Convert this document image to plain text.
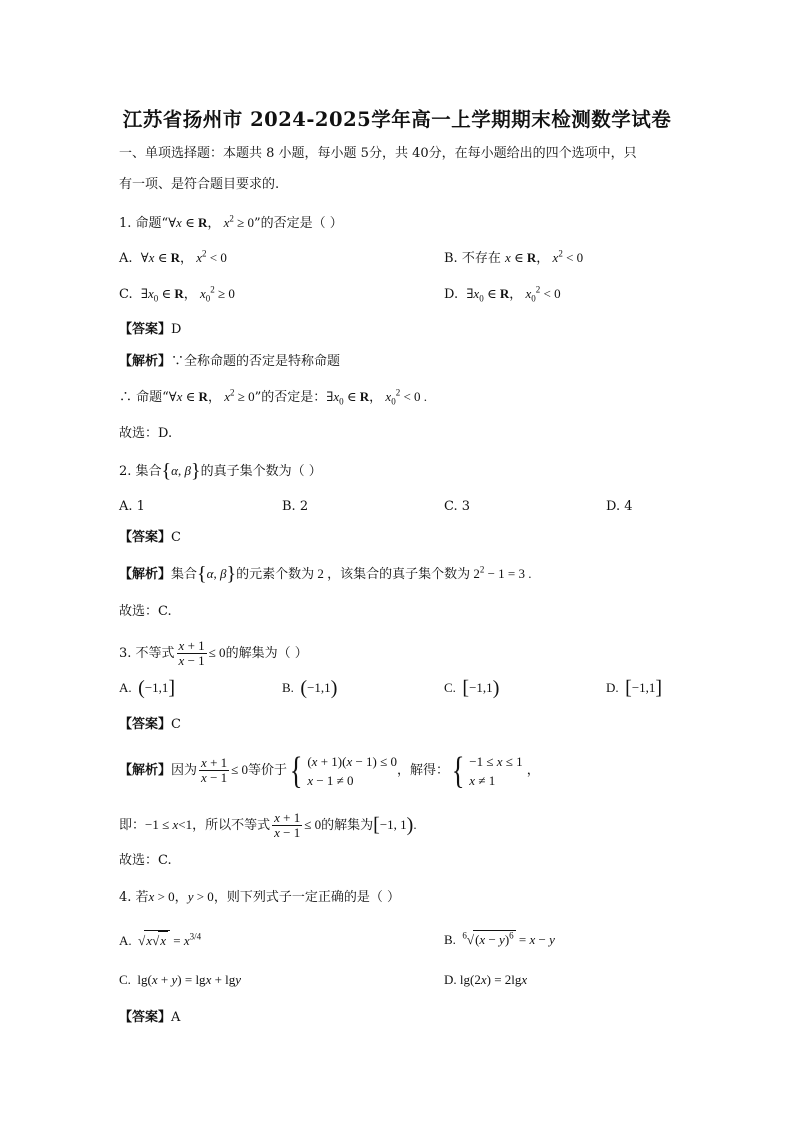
江苏省扬州市 2024-2025学年高一上学期期末检测数学试卷
一、单项选择题：本题共 8 小题，每小题 5分，共 40分，在每小题给出的四个选项中，只
有一项、是符合题目要求的.
1. 命题“∀x ∈ R， $x^2 \ge 0$”的否定是（ ）
A. ∀x ∈ R， $x^2 < 0$	B. 不存在 x ∈ R， $x^2 < 0$
C. $\exists x_0$ ∈ R， $x_0^2 \ge 0$	D. $\exists x_0$ ∈ R， $x_0^2 < 0$
【答案】D
【解析】∵全称命题的否定是特称命题
∴ 命题“∀x ∈ R， $x^2 \ge 0$”的否定是：$\exists x_0$ ∈ R， $x_0^2 < 0$ .
故选：D.
2. 集合{α, β}的真子集个数为（ ）
A. 1	B. 2	C. 3	D. 4
【答案】C
【解析】集合{α, β}的元素个数为 2 ，该集合的真子集个数为 $2^2 - 1 = 3$ .
故选：C.
3. 不等式 $\frac{x + 1}{x - 1} \le 0$的解集为（ ）
A. (−1,1]	B. (−1,1)	C. [−1,1)	D. [−1,1]
【答案】C
【解析】因为 $\frac{x + 1}{x - 1} \le 0$等价于{ (x + 1)(x − 1) ≤ 0
x − 1 ≠ 0
，解得：{ −1 ≤ x ≤ 1
x ≠ 1
，
即：−1 ≤ x<1，所以不等式 $\frac{x + 1}{x - 1} \le 0$的解集为[−1, 1).
故选：C.
4. 若x > 0，y > 0，则下列式子一定正确的是（ ）
A.  $√x√x = x^{3/4}$	B. $^6√(x - y)^6 = x - y$
C.  lg(x + y) = lgx + lgy	D. lg(2x) = 2lgx
【答案】A
